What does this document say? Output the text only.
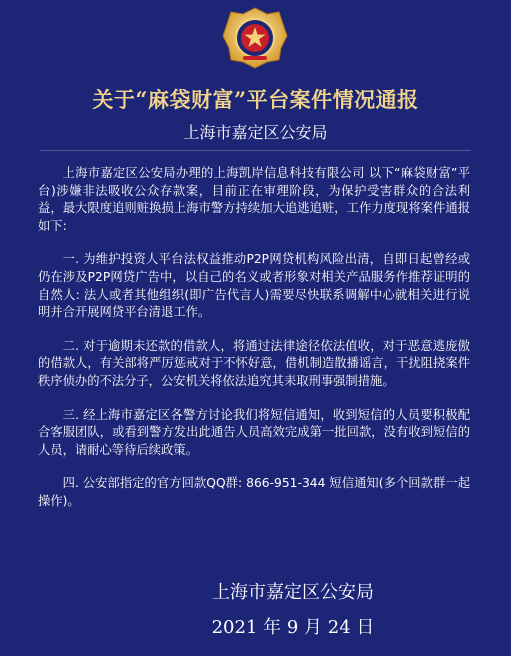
关于“麻袋财富”平台案件情况通报
上海市嘉定区公安局

上海市嘉定区公安局办理的上海凯岸信息科技有限公司 以下“麻袋财富”平台)涉嫌非法吸收公众存款案，目前正在审理阶段，为保护受害群众的合法利益，最大限度追则赃换损上海市警方持续加大追逃追赃，工作力度现将案件通报如下:

一. 为维护投资人平台法权益推动P2P网贷机构风险出清，自即日起曾经或仍在涉及P2P网贷广告中，以自己的名义或者形象对相关产品服务作推荐证明的自然人: 法人或者其他组织(即广告代言人)需要尽快联系调解中心就相关进行说明并合开展网贷平台清退工作。

二. 对于逾期未还款的借款人，将通过法律途径依法值收，对于恶意逃庞傲的借款人，有关部将严厉惩戒对于不怀好意，借机制造散播谣言，干扰阻挠案件秩序侦办的不法分子，公安机关将依法追究其耒取刑事强制措施。

三. 经上海市嘉定区各警方讨论我们将短信通知，收到短信的人员要积极配合客服团队，或看到警方发出此通告人员高效完成第一批回款，没有收到短信的人员，请耐心等待后续政策。

四. 公安部指定的官方回款QQ群: 866-951-344 短信通知(多个回款群一起操作)。

上海市嘉定区公安局
2021 年 9 月 24 日
